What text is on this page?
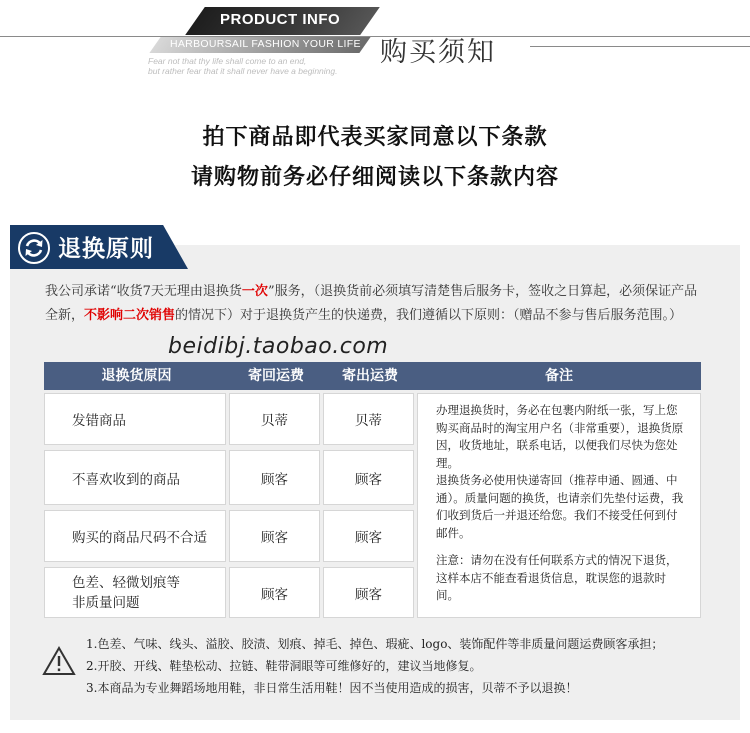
PRODUCT INFO
HARBOURSAIL FASHION YOUR LIFE
Fear not that thy life shall come to an end,
but rather fear that it shall never have a beginning.
购买须知
拍下商品即代表买家同意以下条款
请购物前务必仔细阅读以下条款内容
退换原则
我公司承诺“收货7天无理由退换货一次”服务，（退换货前必须填写清楚售后服务卡，签收之日算起，必须保证产品全新，不影响二次销售的情况下）对于退换货产生的快递费，我们遵循以下原则：（赠品不参与售后服务范围。）
beidibj.taobao.com
退换货原因	寄回运费	寄出运费	备注
发错商品	贝蒂	贝蒂
不喜欢收到的商品	顾客	顾客
购买的商品尺码不合适	顾客	顾客
色差、轻微划痕等
非质量问题	顾客	顾客

办理退换货时，务必在包裹内附纸一张，写上您购买商品时的淘宝用户名（非常重要），退换货原因，收货地址，联系电话，以便我们尽快为您处理。

退换货务必使用快递寄回（推荐申通、圆通、中通）。质量问题的换货，也请亲们先垫付运费，我们收到货后一并退还给您。我们不接受任何到付邮件。

注意：请勿在没有任何联系方式的情况下退货，这样本店不能查看退货信息，耽误您的退款时间。

1.色差、气味、线头、溢胶、胶渍、划痕、掉毛、掉色、瑕疵、logo、装饰配件等非质量问题运费顾客承担；

2.开胶、开线、鞋垫松动、拉链、鞋带洞眼等可维修好的，建议当地修复。

3.本商品为专业舞蹈场地用鞋，非日常生活用鞋！因不当使用造成的损害，贝蒂不予以退换！
